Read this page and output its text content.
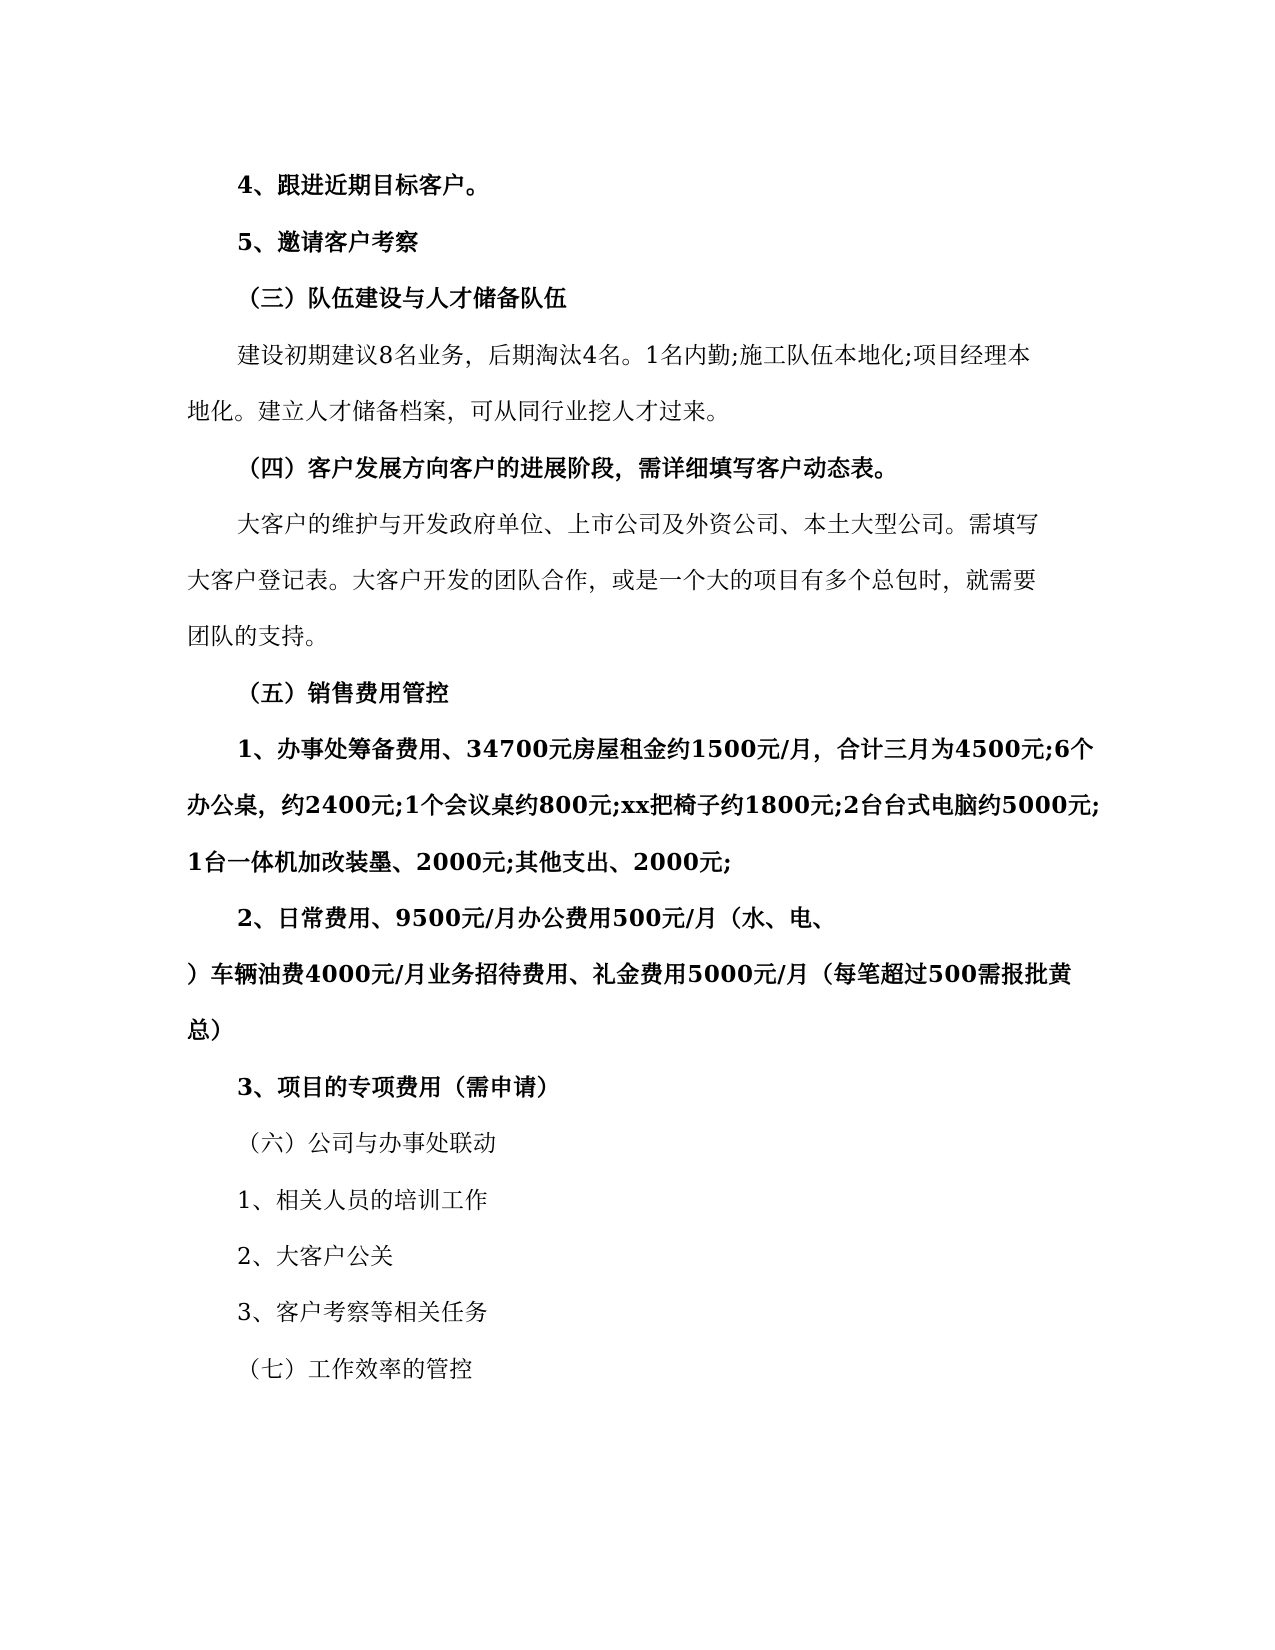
4、跟进近期目标客户。
5、邀请客户考察
（三）队伍建设与人才储备队伍
建设初期建议8名业务，后期淘汰4名。1名内勤;施工队伍本地化;项目经理本
地化。建立人才储备档案，可从同行业挖人才过来。
（四）客户发展方向客户的进展阶段，需详细填写客户动态表。
大客户的维护与开发政府单位、上市公司及外资公司、本土大型公司。需填写
大客户登记表。大客户开发的团队合作，或是一个大的项目有多个总包时，就需要
团队的支持。
（五）销售费用管控
1、办事处筹备费用、34700元房屋租金约1500元/月，合计三月为4500元;6个
办公桌，约2400元;1个会议桌约800元;xx把椅子约1800元;2台台式电脑约5000元;
1台一体机加改装墨、2000元;其他支出、2000元;
2、日常费用、9500元/月办公费用500元/月（水、电、
）车辆油费4000元/月业务招待费用、礼金费用5000元/月（每笔超过500需报批黄
总）
3、项目的专项费用（需申请）
（六）公司与办事处联动
1、相关人员的培训工作
2、大客户公关
3、客户考察等相关任务
（七）工作效率的管控
